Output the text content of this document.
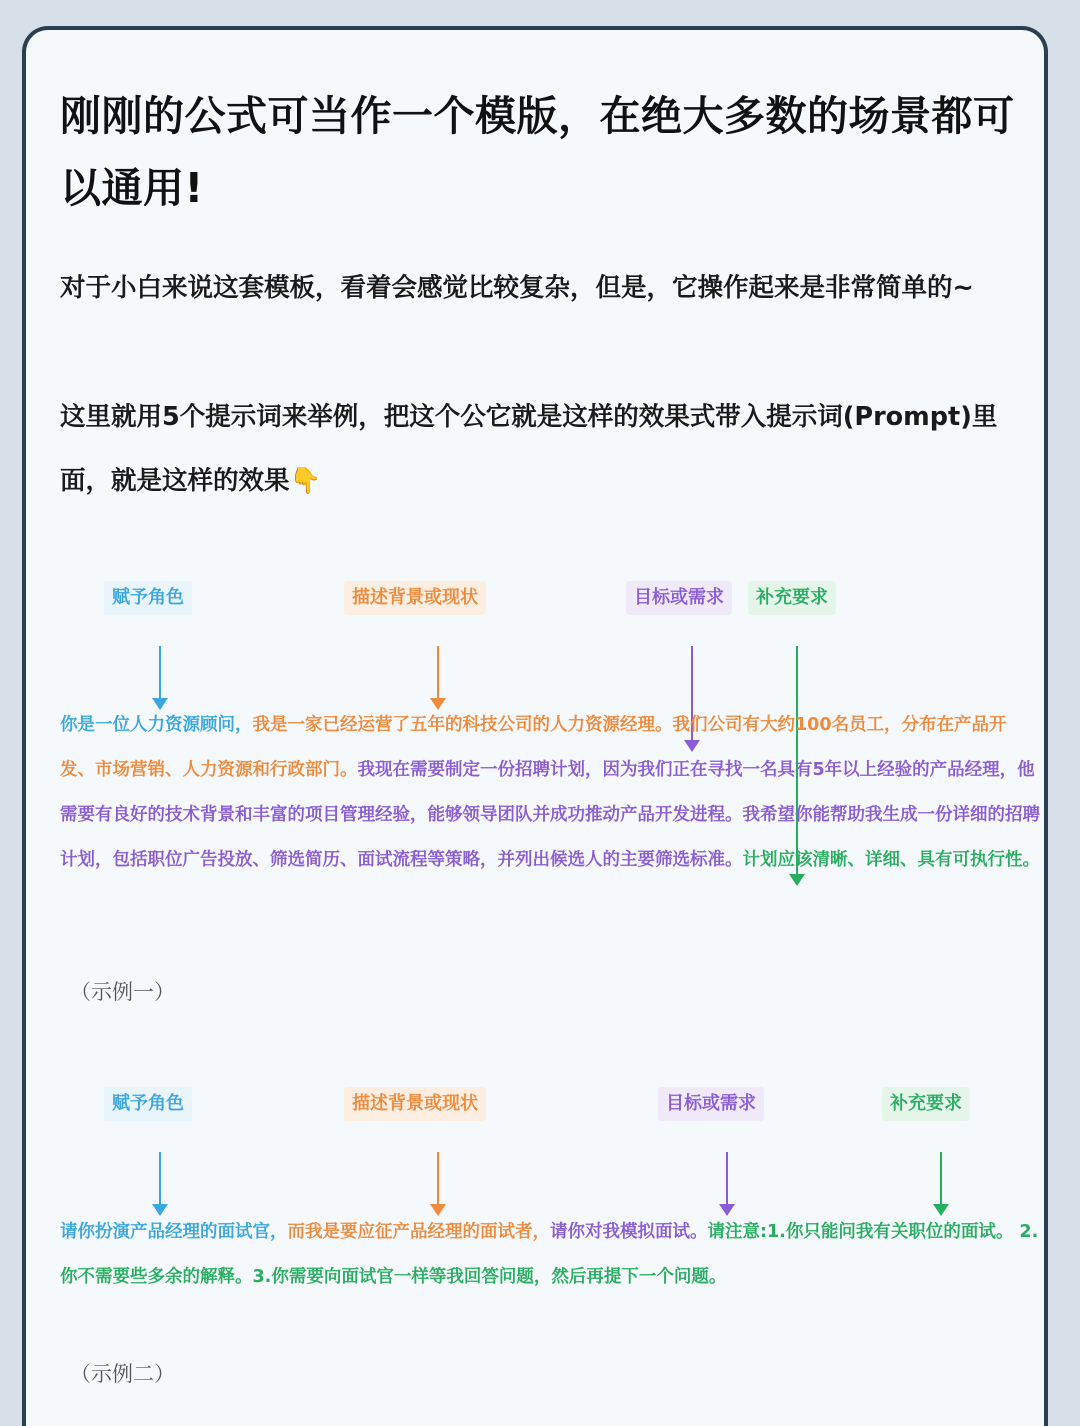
刚刚的公式可当作一个模版，在绝大多数的场景都可以通用!

对于小白来说这套模板，看着会感觉比较复杂，但是，它操作起来是非常简单的~

这里就用5个提示词来举例，把这个公它就是这样的效果式带入提示词(Prompt)里面，就是这样的效果👇

赋予角色	描述背景或现状	目标或需求	补充要求

你是一位人力资源顾问，我是一家已经运营了五年的科技公司的人力资源经理。我们公司有大约100名员工，分布在产品开发、市场营销、人力资源和行政部门。我现在需要制定一份招聘计划，因为我们正在寻找一名具有5年以上经验的产品经理，他需要有良好的技术背景和丰富的项目管理经验，能够领导团队并成功推动产品开发进程。我希望你能帮助我生成一份详细的招聘计划，包括职位广告投放、筛选简历、面试流程等策略，并列出候选人的主要筛选标准。计划应该清晰、详细、具有可执行性。

（示例一）
赋予角色	描述背景或现状	目标或需求	补充要求

请你扮演产品经理的面试官，而我是要应征产品经理的面试者，请你对我模拟面试。请注意:1.你只能问我有关职位的面试。 2.你不需要些多余的解释。3.你需要向面试官一样等我回答问题，然后再提下一个问题。

（示例二）
